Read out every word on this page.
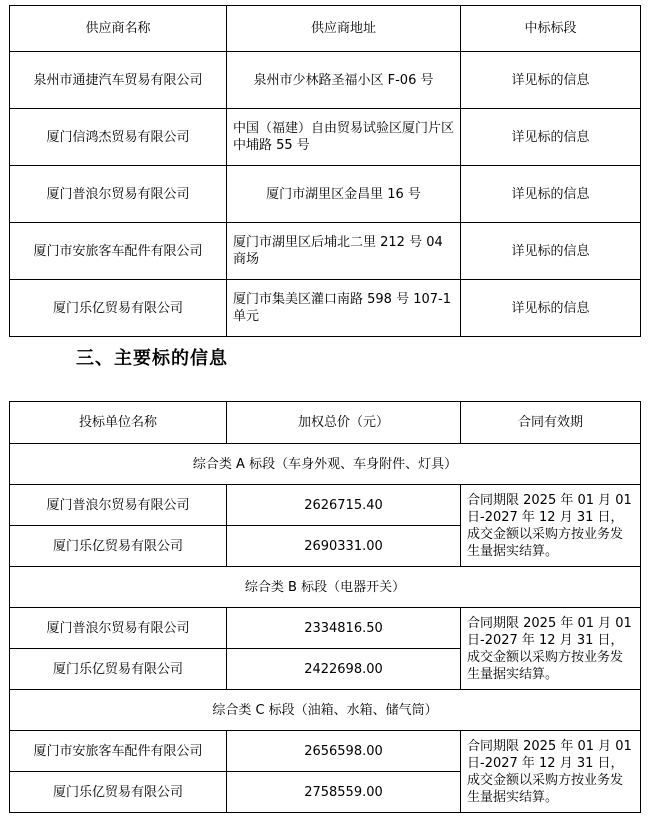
供应商名称	供应商地址	中标标段
泉州市通捷汽车贸易有限公司	泉州市少林路圣福小区 F-06 号	详见标的信息
厦门信鸿杰贸易有限公司	中国（福建）自由贸易试验区厦门片区中埔路 55 号	详见标的信息
厦门普浪尔贸易有限公司	厦门市湖里区金昌里 16 号	详见标的信息
厦门市安旅客车配件有限公司	厦门市湖里区后埔北二里 212 号 04 商场	详见标的信息
厦门乐亿贸易有限公司	厦门市集美区灌口南路 598 号 107-1 单元	详见标的信息
三、主要标的信息
投标单位名称	加权总价（元）	合同有效期
综合类 A 标段（车身外观、车身附件、灯具）		
厦门普浪尔贸易有限公司	2626715.40	合同期限 2025 年 01 月 01 日-2027 年 12 月 31 日，成交金额以采购方按业务发生量据实结算。
厦门乐亿贸易有限公司	2690331.00	
综合类 B 标段（电器开关）		
厦门普浪尔贸易有限公司	2334816.50	合同期限 2025 年 01 月 01 日-2027 年 12 月 31 日，成交金额以采购方按业务发生量据实结算。
厦门乐亿贸易有限公司	2422698.00	
综合类 C 标段（油箱、水箱、储气筒）		
厦门市安旅客车配件有限公司	2656598.00	合同期限 2025 年 01 月 01 日-2027 年 12 月 31 日，成交金额以采购方按业务发生量据实结算。
厦门乐亿贸易有限公司	2758559.00	
